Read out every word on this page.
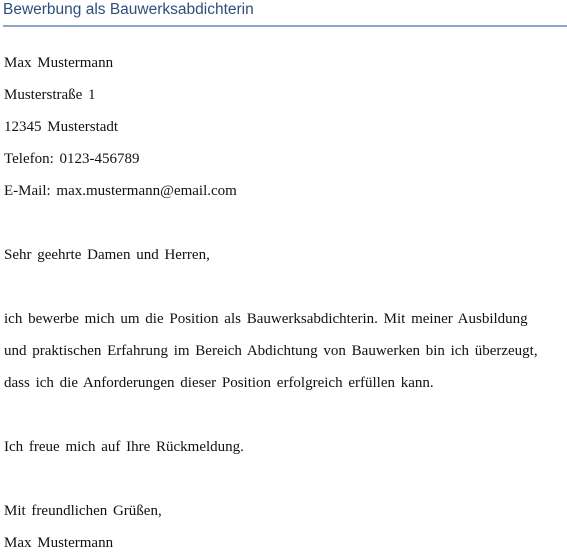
Bewerbung als Bauwerksabdichterin
Max Mustermann
Musterstraße 1
12345 Musterstadt
Telefon: 0123-456789
E-Mail: max.mustermann@email.com
Sehr geehrte Damen und Herren,
ich bewerbe mich um die Position als Bauwerksabdichterin. Mit meiner Ausbildung
und praktischen Erfahrung im Bereich Abdichtung von Bauwerken bin ich überzeugt,
dass ich die Anforderungen dieser Position erfolgreich erfüllen kann.
Ich freue mich auf Ihre Rückmeldung.
Mit freundlichen Grüßen,
Max Mustermann
